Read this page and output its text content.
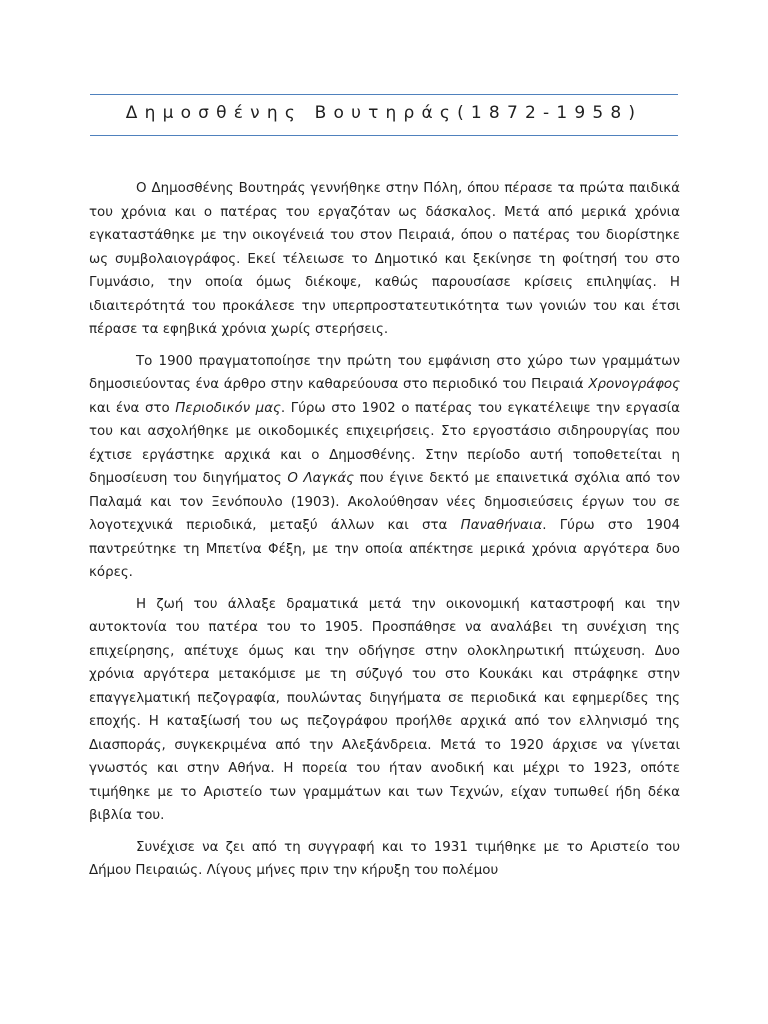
Δημοσθένης Βουτηράς(1872-1958)

Ο Δημοσθένης Βουτηράς γεννήθηκε στην Πόλη, όπου πέρασε τα πρώτα παιδικά του χρόνια και ο πατέρας του εργαζόταν ως δάσκαλος. Μετά από μερικά χρόνια εγκαταστάθηκε με την οικογένειά του στον Πειραιά, όπου ο πατέρας του διορίστηκε ως συμβολαιογράφος. Εκεί τέλειωσε το Δημοτικό και ξεκίνησε τη φοίτησή του στο Γυμνάσιο, την οποία όμως διέκοψε, καθώς παρουσίασε κρίσεις επιληψίας. Η ιδιαιτερότητά του προκάλεσε την υπερπροστατευτικότητα των γονιών του και έτσι πέρασε τα εφηβικά χρόνια χωρίς στερήσεις.

Το 1900 πραγματοποίησε την πρώτη του εμφάνιση στο χώρο των γραμμάτων δημοσιεύοντας ένα άρθρο στην καθαρεύουσα στο περιοδικό του Πειραιά Χρονογράφος και ένα στο Περιοδικόν μας. Γύρω στο 1902 ο πατέρας του εγκατέλειψε την εργασία του και ασχολήθηκε με οικοδομικές επιχειρήσεις. Στο εργοστάσιο σιδηρουργίας που έχτισε εργάστηκε αρχικά και ο Δημοσθένης. Στην περίοδο αυτή τοποθετείται η δημοσίευση του διηγήματος Ο Λαγκάς που έγινε δεκτό με επαινετικά σχόλια από τον Παλαμά και τον Ξενόπουλο (1903). Ακολούθησαν νέες δημοσιεύσεις έργων του σε λογοτεχνικά περιοδικά, μεταξύ άλλων και στα Παναθήναια. Γύρω στο 1904 παντρεύτηκε τη Μπετίνα Φέξη, με την οποία απέκτησε μερικά χρόνια αργότερα δυο κόρες.

Η ζωή του άλλαξε δραματικά μετά την οικονομική καταστροφή και την αυτοκτονία του πατέρα του το 1905. Προσπάθησε να αναλάβει τη συνέχιση της επιχείρησης, απέτυχε όμως και την οδήγησε στην ολοκληρωτική πτώχευση. Δυο χρόνια αργότερα μετακόμισε με τη σύζυγό του στο Κουκάκι και στράφηκε στην επαγγελματική πεζογραφία, πουλώντας διηγήματα σε περιοδικά και εφημερίδες της εποχής. Η καταξίωσή του ως πεζογράφου προήλθε αρχικά από τον ελληνισμό της Διασποράς, συγκεκριμένα από την Αλεξάνδρεια. Μετά το 1920 άρχισε να γίνεται γνωστός και στην Αθήνα. Η πορεία του ήταν ανοδική και μέχρι το 1923, οπότε τιμήθηκε με το Αριστείο των γραμμάτων και των Τεχνών, είχαν τυπωθεί ήδη δέκα βιβλία του.

Συνέχισε να ζει από τη συγγραφή και το 1931 τιμήθηκε με το Αριστείο του Δήμου Πειραιώς. Λίγους μήνες πριν την κήρυξη του πολέμου
